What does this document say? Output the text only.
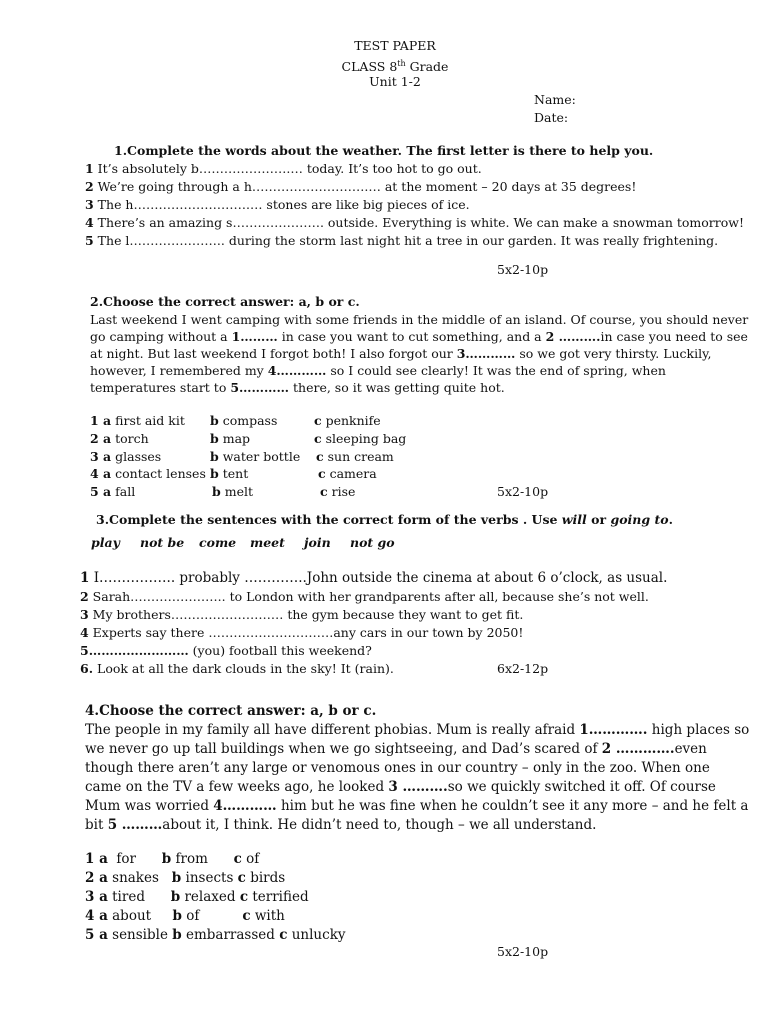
TEST PAPER
CLASS 8th Grade
Unit 1-2
Name:
Date:
1.Complete the words about the weather. The first letter is there to help you.
1 It’s absolutely b………………….… today. It’s too hot to go out.
2 We’re going through a h……………………….… at the moment – 20 days at 35 degrees!
3 The h……………………….… stones are like big pieces of ice.
4 There’s an amazing s…………………. outside. Everything is white. We can make a snowman tomorrow!
5 The l………………….. during the storm last night hit a tree in our garden. It was really frightening.
5x2-10p
2.Choose the correct answer: a, b or c.
Last weekend I went camping with some friends in the middle of an island. Of course, you should never
go camping without a 1……… in case you want to cut something, and a 2 ……….in case you need to see
at night. But last weekend I forgot both! I also forgot our 3………… so we got very thirsty. Luckily,
however, I remembered my 4………… so I could see clearly! It was the end of spring, when
temperatures start to 5………… there, so it was getting quite hot.
1 a first aid kit b compass	c penknife
2 a torch	b map	c sleeping bag
3 a glasses	b water bottle c sun cream
4 a contact lenses b tent	c camera
5 a fall	b melt	c rise	5x2-10p
3.Complete the sentences with the correct form of the verbs . Use will or going to.
play not be come meet join not go
1 I…………….. probably …………..John outside the cinema at about 6 o’clock, as usual.
2 Sarah………………….. to London with her grandparents after all, because she’s not well.
3 My brothers……………………… the gym because they want to get fit.
4 Experts say there …………………………any cars in our town by 2050!
5…………………… (you) football this weekend?
6. Look at all the dark clouds in the sky! It (rain).	6x2-12p
4.Choose the correct answer: a, b or c.
The people in my family all have different phobias. Mum is really afraid 1…………. high places so
we never go up tall buildings when we go sightseeing, and Dad’s scared of 2 ………….even
though there aren’t any large or venomous ones in our country – only in the zoo. When one
came on the TV a few weeks ago, he looked 3 ……….so we quickly switched it off. Of course
Mum was worried 4………… him but he was fine when he couldn’t see it any more – and he felt a
bit 5 ………about it, I think. He didn’t need to, though – we all understand.
1 a  for      b from      c of
2 a snakes   b insects c birds
3 a tired      b relaxed c terrified
4 a about     b of          c with
5 a sensible b embarrassed c unlucky
5x2-10p
